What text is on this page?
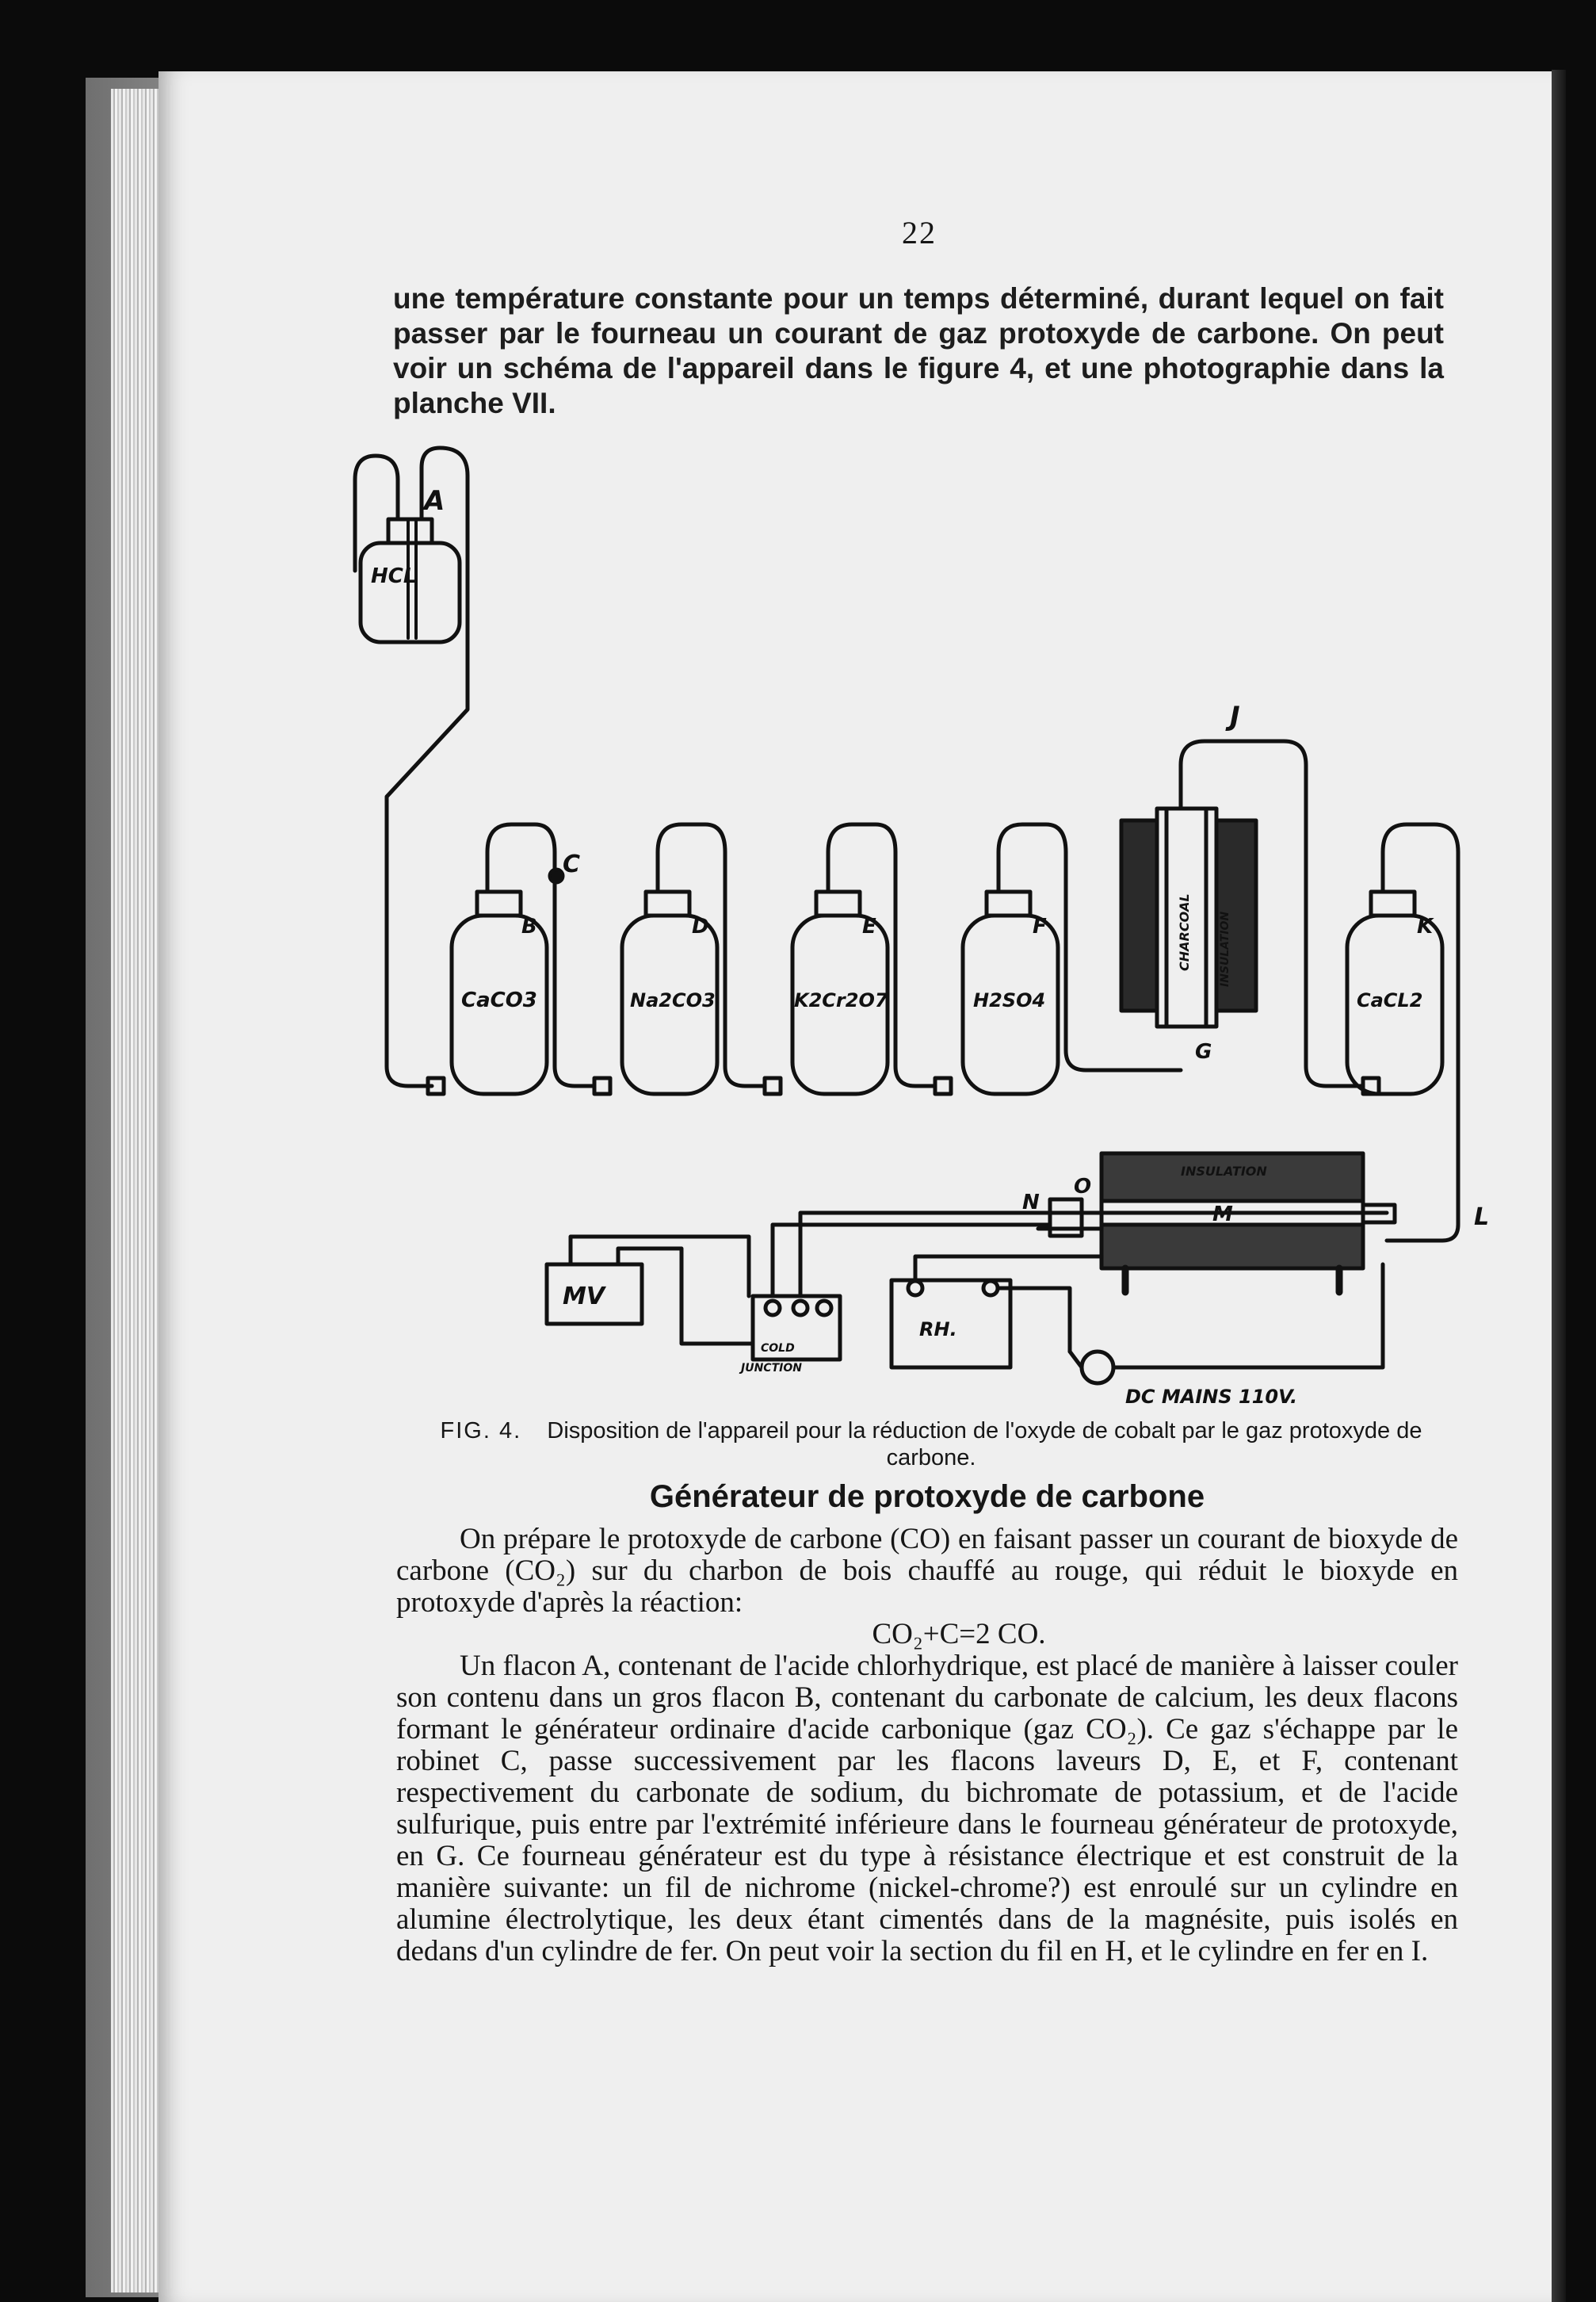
22
une température constante pour un temps déterminé, durant lequel on fait passer par le fourneau un courant de gaz protoxyde de carbone. On peut voir un schéma de l'appareil dans le figure 4, et une photographie dans la planche VII.
A
HCL
C
B
CaCO3
D
Na2CO3
E
K2Cr2O7
F
H2SO4
J
CHARCOAL INSULATION
G
K
CaCL2
L
INSULATION
N
O
M
MV
COLD
JUNCTION
RH.
DC MAINS 110V.
FIG. 4. Disposition de l'appareil pour la réduction de l'oxyde de cobalt par le gaz protoxyde de carbone.
Générateur de protoxyde de carbone

On prépare le protoxyde de carbone (CO) en faisant passer un courant de bioxyde de carbone (CO₂) sur du charbon de bois chauffé au rouge, qui réduit le bioxyde en protoxyde d'après la réaction:

CO₂+C=2 CO.

Un flacon A, contenant de l'acide chlorhydrique, est placé de manière à laisser couler son contenu dans un gros flacon B, contenant du carbonate de calcium, les deux flacons formant le générateur ordinaire d'acide carbonique (gaz CO₂). Ce gaz s'échappe par le robinet C, passe successivement par les flacons laveurs D, E, et F, contenant respectivement du carbonate de sodium, du bichromate de potassium, et de l'acide sulfurique, puis entre par l'extrémité inférieure dans le fourneau générateur de protoxyde, en G. Ce fourneau générateur est du type à résistance électrique et est construit de la manière suivante: un fil de nichrome (nickel-chrome?) est enroulé sur un cylindre en alumine électrolytique, les deux étant cimentés dans de la magnésite, puis isolés en dedans d'un cylindre de fer. On peut voir la section du fil en H, et le cylindre en fer en I.
